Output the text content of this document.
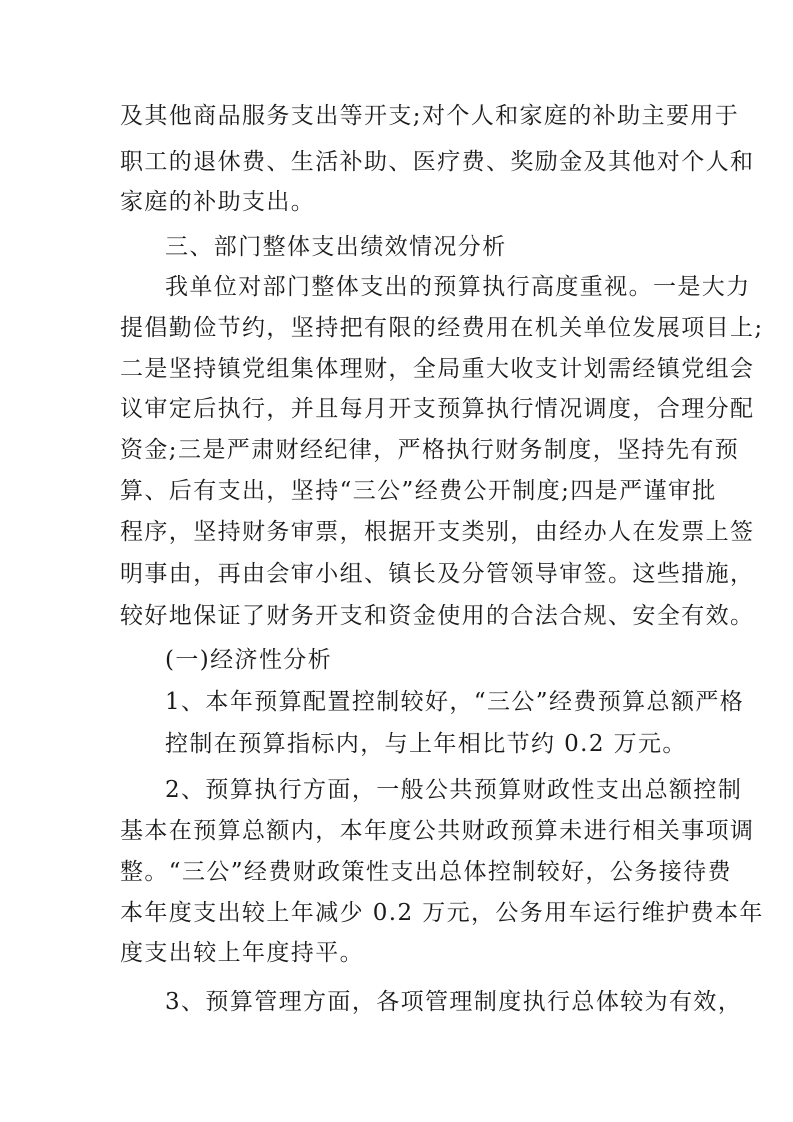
及其他商品服务支出等开支;对个人和家庭的补助主要用于
职工的退休费、生活补助、医疗费、奖励金及其他对个人和
家庭的补助支出。
三、部门整体支出绩效情况分析
我单位对部门整体支出的预算执行高度重视。一是大力
提倡勤俭节约，坚持把有限的经费用在机关单位发展项目上;
二是坚持镇党组集体理财，全局重大收支计划需经镇党组会
议审定后执行，并且每月开支预算执行情况调度，合理分配
资金;三是严肃财经纪律，严格执行财务制度，坚持先有预
算、后有支出，坚持“三公”经费公开制度;四是严谨审批
程序，坚持财务审票，根据开支类别，由经办人在发票上签
明事由，再由会审小组、镇长及分管领导审签。这些措施，
较好地保证了财务开支和资金使用的合法合规、安全有效。
(一)经济性分析
1、本年预算配置控制较好，“三公”经费预算总额严格
控制在预算指标内，与上年相比节约 0.2 万元。
2、预算执行方面，一般公共预算财政性支出总额控制
基本在预算总额内，本年度公共财政预算未进行相关事项调
整。“三公”经费财政策性支出总体控制较好，公务接待费
本年度支出较上年减少 0.2 万元，公务用车运行维护费本年
度支出较上年度持平。
3、预算管理方面，各项管理制度执行总体较为有效，
